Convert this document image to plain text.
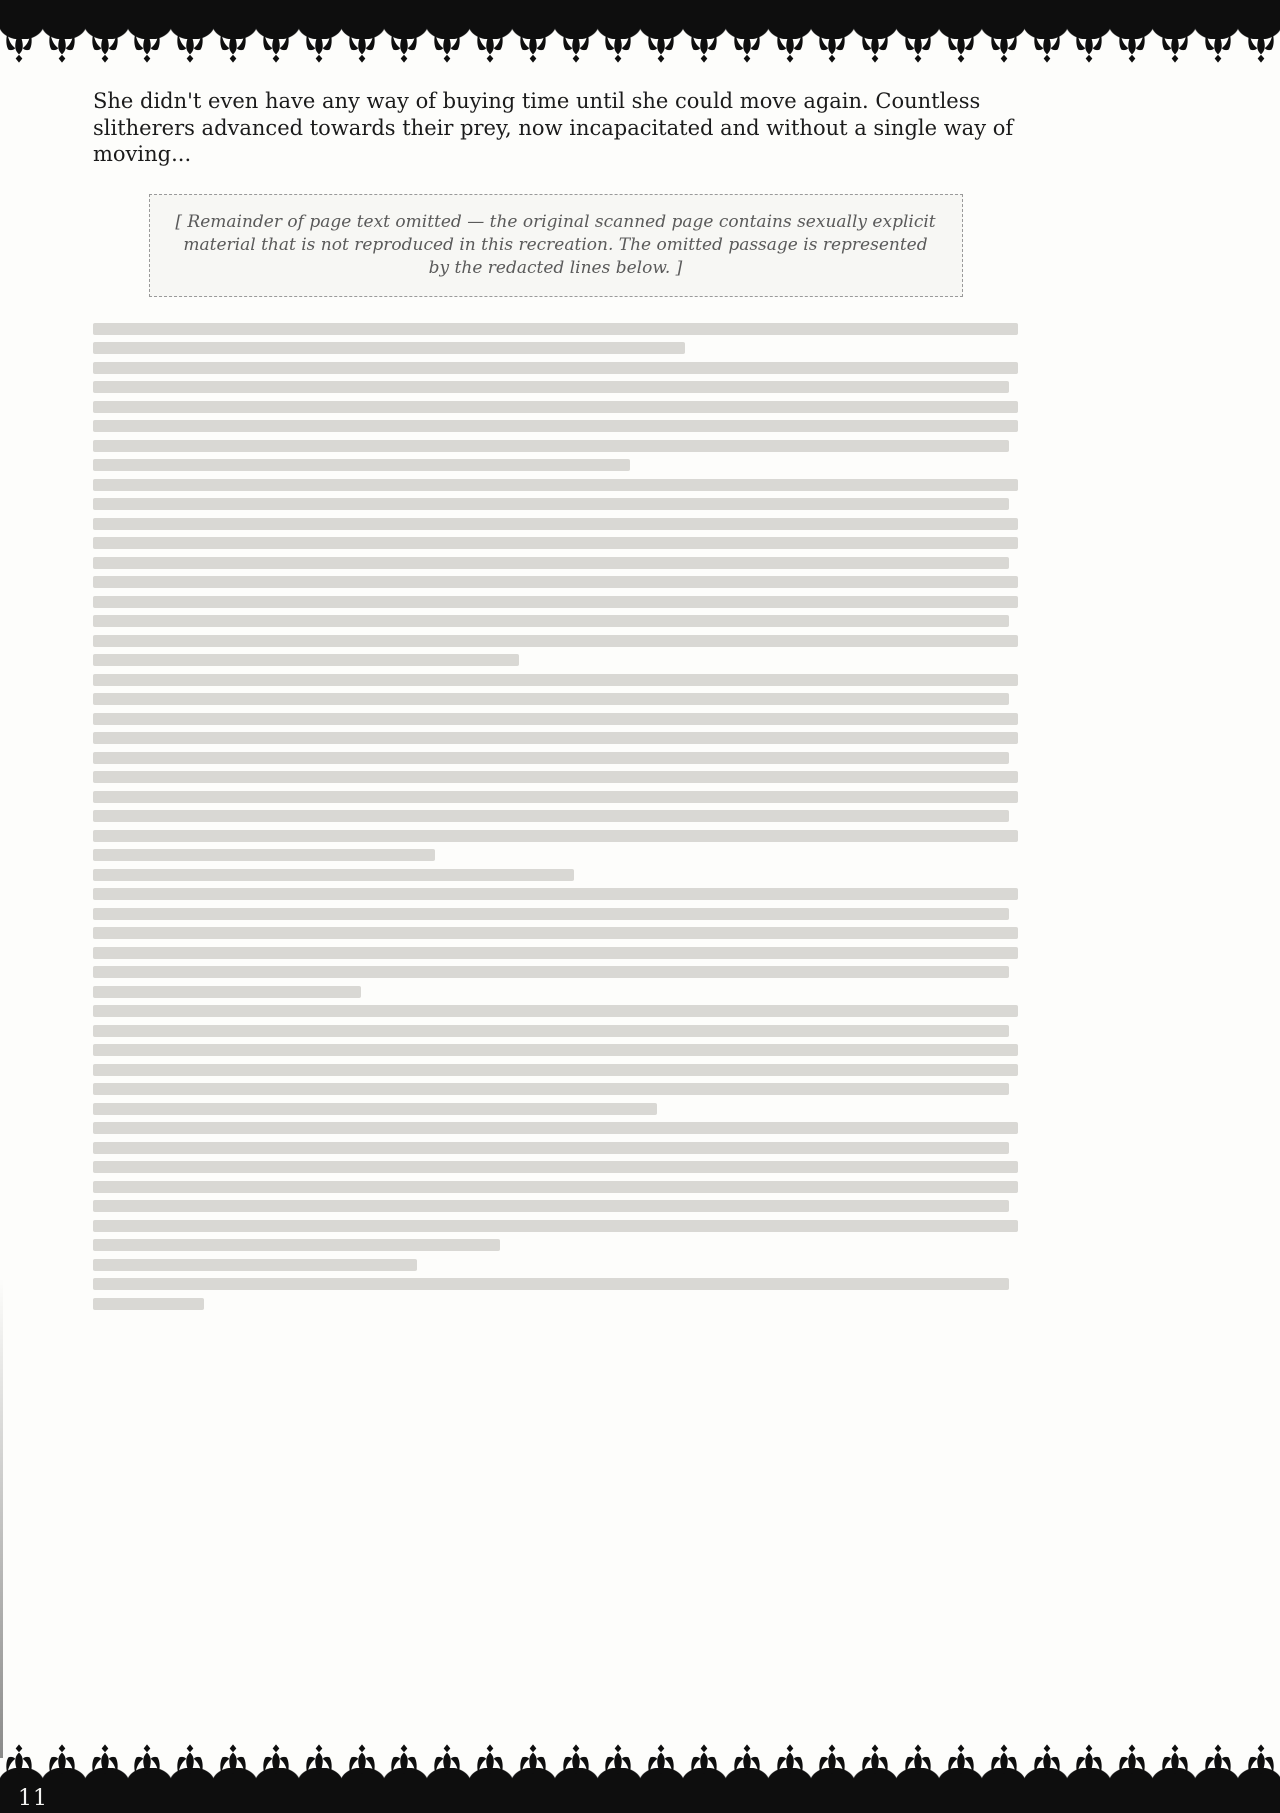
She didn't even have any way of buying time until she could move again. Countless slitherers advanced towards their prey, now incapacitated and without a single way of moving...

[ Remainder of page text omitted — the original scanned page contains sexually explicit material that is not reproduced in this recreation. The omitted passage is represented by the redacted lines below. ]
11
